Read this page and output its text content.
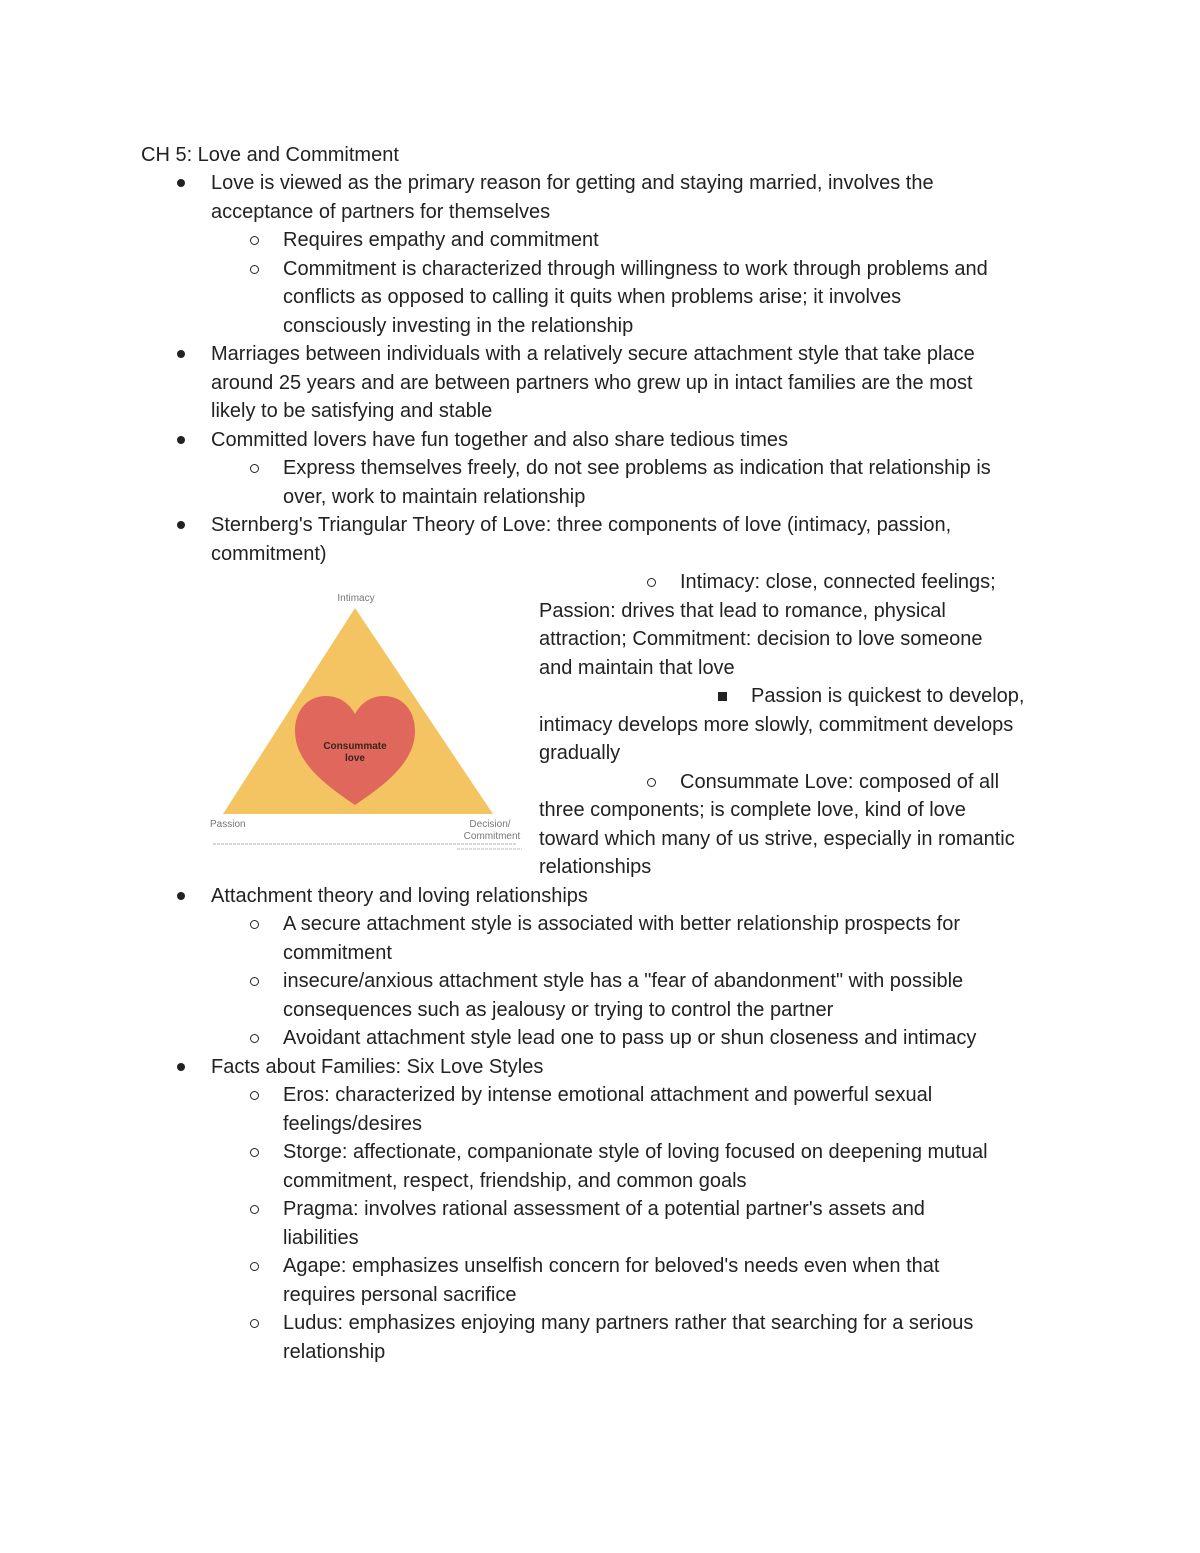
CH 5: Love and Commitment
Love is viewed as the primary reason for getting and staying married, involves the
acceptance of partners for themselves
Requires empathy and commitment
Commitment is characterized through willingness to work through problems and
conflicts as opposed to calling it quits when problems arise; it involves
consciously investing in the relationship
Marriages between individuals with a relatively secure attachment style that take place
around 25 years and are between partners who grew up in intact families are the most
likely to be satisfying and stable
Committed lovers have fun together and also share tedious times
Express themselves freely, do not see problems as indication that relationship is
over, work to maintain relationship
Sternberg's Triangular Theory of Love: three components of love (intimacy, passion,
commitment)
Intimacy: close, connected feelings;
Passion: drives that lead to romance, physical
attraction; Commitment: decision to love someone
and maintain that love
Passion is quickest to develop,
intimacy develops more slowly, commitment develops
gradually
Consummate Love: composed of all
three components; is complete love, kind of love
toward which many of us strive, especially in romantic
relationships
Attachment theory and loving relationships
A secure attachment style is associated with better relationship prospects for
commitment
insecure/anxious attachment style has a "fear of abandonment" with possible
consequences such as jealousy or trying to control the partner
Avoidant attachment style lead one to pass up or shun closeness and intimacy
Facts about Families: Six Love Styles
Eros: characterized by intense emotional attachment and powerful sexual
feelings/desires
Storge: affectionate, companionate style of loving focused on deepening mutual
commitment, respect, friendship, and common goals
Pragma: involves rational assessment of a potential partner's assets and
liabilities
Agape: emphasizes unselfish concern for beloved's needs even when that
requires personal sacrifice
Ludus: emphasizes enjoying many partners rather that searching for a serious
relationship
Intimacy
Passion	Decision/
Commitment
Consummate
love
